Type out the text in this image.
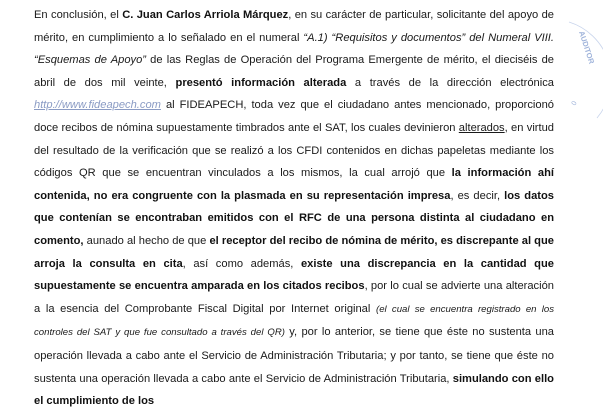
En conclusión, el C. Juan Carlos Arriola Márquez, en su carácter de particular, solicitante del apoyo de mérito, en cumplimiento a lo señalado en el numeral “A.1) “Requisitos y documentos” del Numeral VIII. “Esquemas de Apoyo” de las Reglas de Operación del Programa Emergente de mérito, el dieciséis de abril de dos mil veinte, presentó información alterada a través de la dirección electrónica http://www.fideapech.com al FIDEAPECH, toda vez que el ciudadano antes mencionado, proporcionó doce recibos de nómina supuestamente timbrados ante el SAT, los cuales devinieron alterados, en virtud del resultado de la verificación que se realizó a los CFDI contenidos en dichas papeletas mediante los códigos QR que se encuentran vinculados a los mismos, la cual arrojó que la información ahí contenida, no era congruente con la plasmada en su representación impresa, es decir, los datos que contenían se encontraban emitidos con el RFC de una persona distinta al ciudadano en comento, aunado al hecho de que el receptor del recibo de nómina de mérito, es discrepante al que arroja la consulta en cita, así como además, existe una discrepancia en la cantidad que supuestamente se encuentra amparada en los citados recibos, por lo cual se advierte una alteración a la esencia del Comprobante Fiscal Digital por Internet original (el cual se encuentra registrado en los controles del SAT y que fue consultado a través del QR) y, por lo anterior, se tiene que éste no sustenta una operación llevada a cabo ante el Servicio de Administración Tributaria; y por tanto, se tiene que éste no sustenta una operación llevada a cabo ante el Servicio de Administración Tributaria, simulando con ello el cumplimiento de los

AUDITOR
0
